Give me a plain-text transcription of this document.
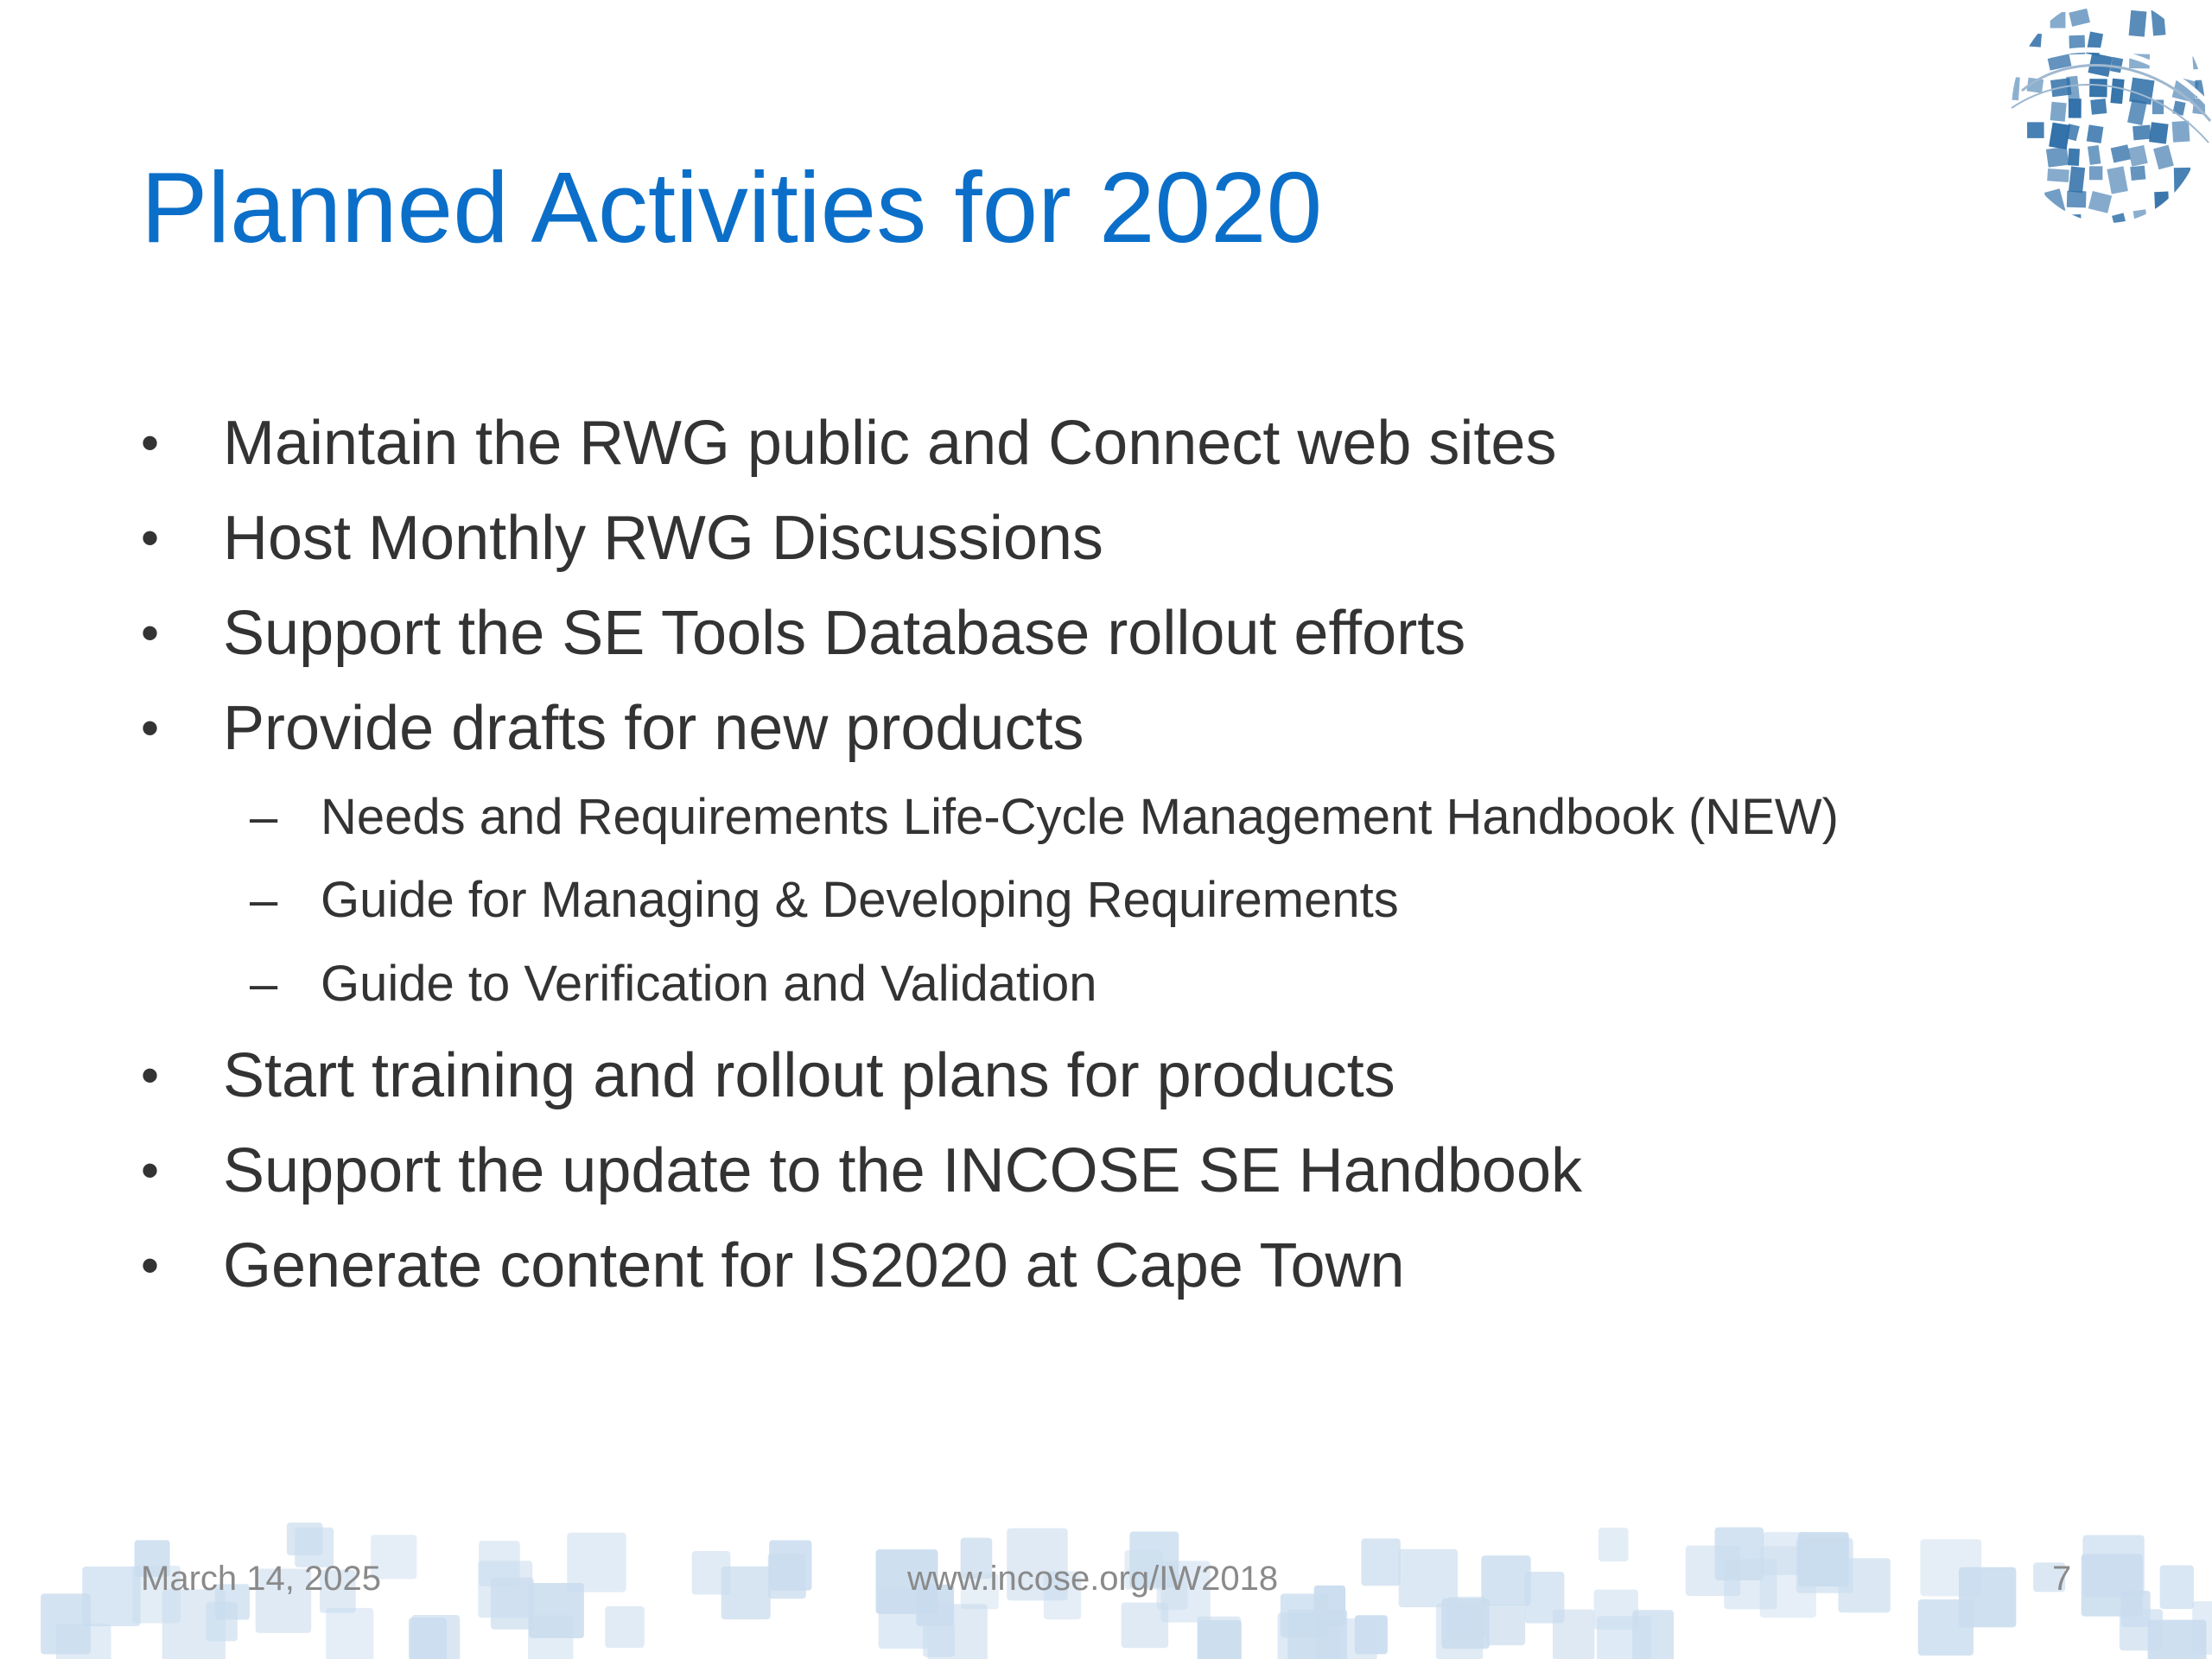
Planned Activities for 2020
• Maintain the RWG public and Connect web sites
• Host Monthly RWG Discussions
• Support the SE Tools Database rollout efforts
• Provide drafts for new products
– Needs and Requirements Life-Cycle Management Handbook (NEW)
– Guide for Managing & Developing Requirements
– Guide to Verification and Validation
• Start training and rollout plans for products
• Support the update to the INCOSE SE Handbook
• Generate content for IS2020 at Cape Town
March 14, 2025	www.incose.org/IW2018	7
